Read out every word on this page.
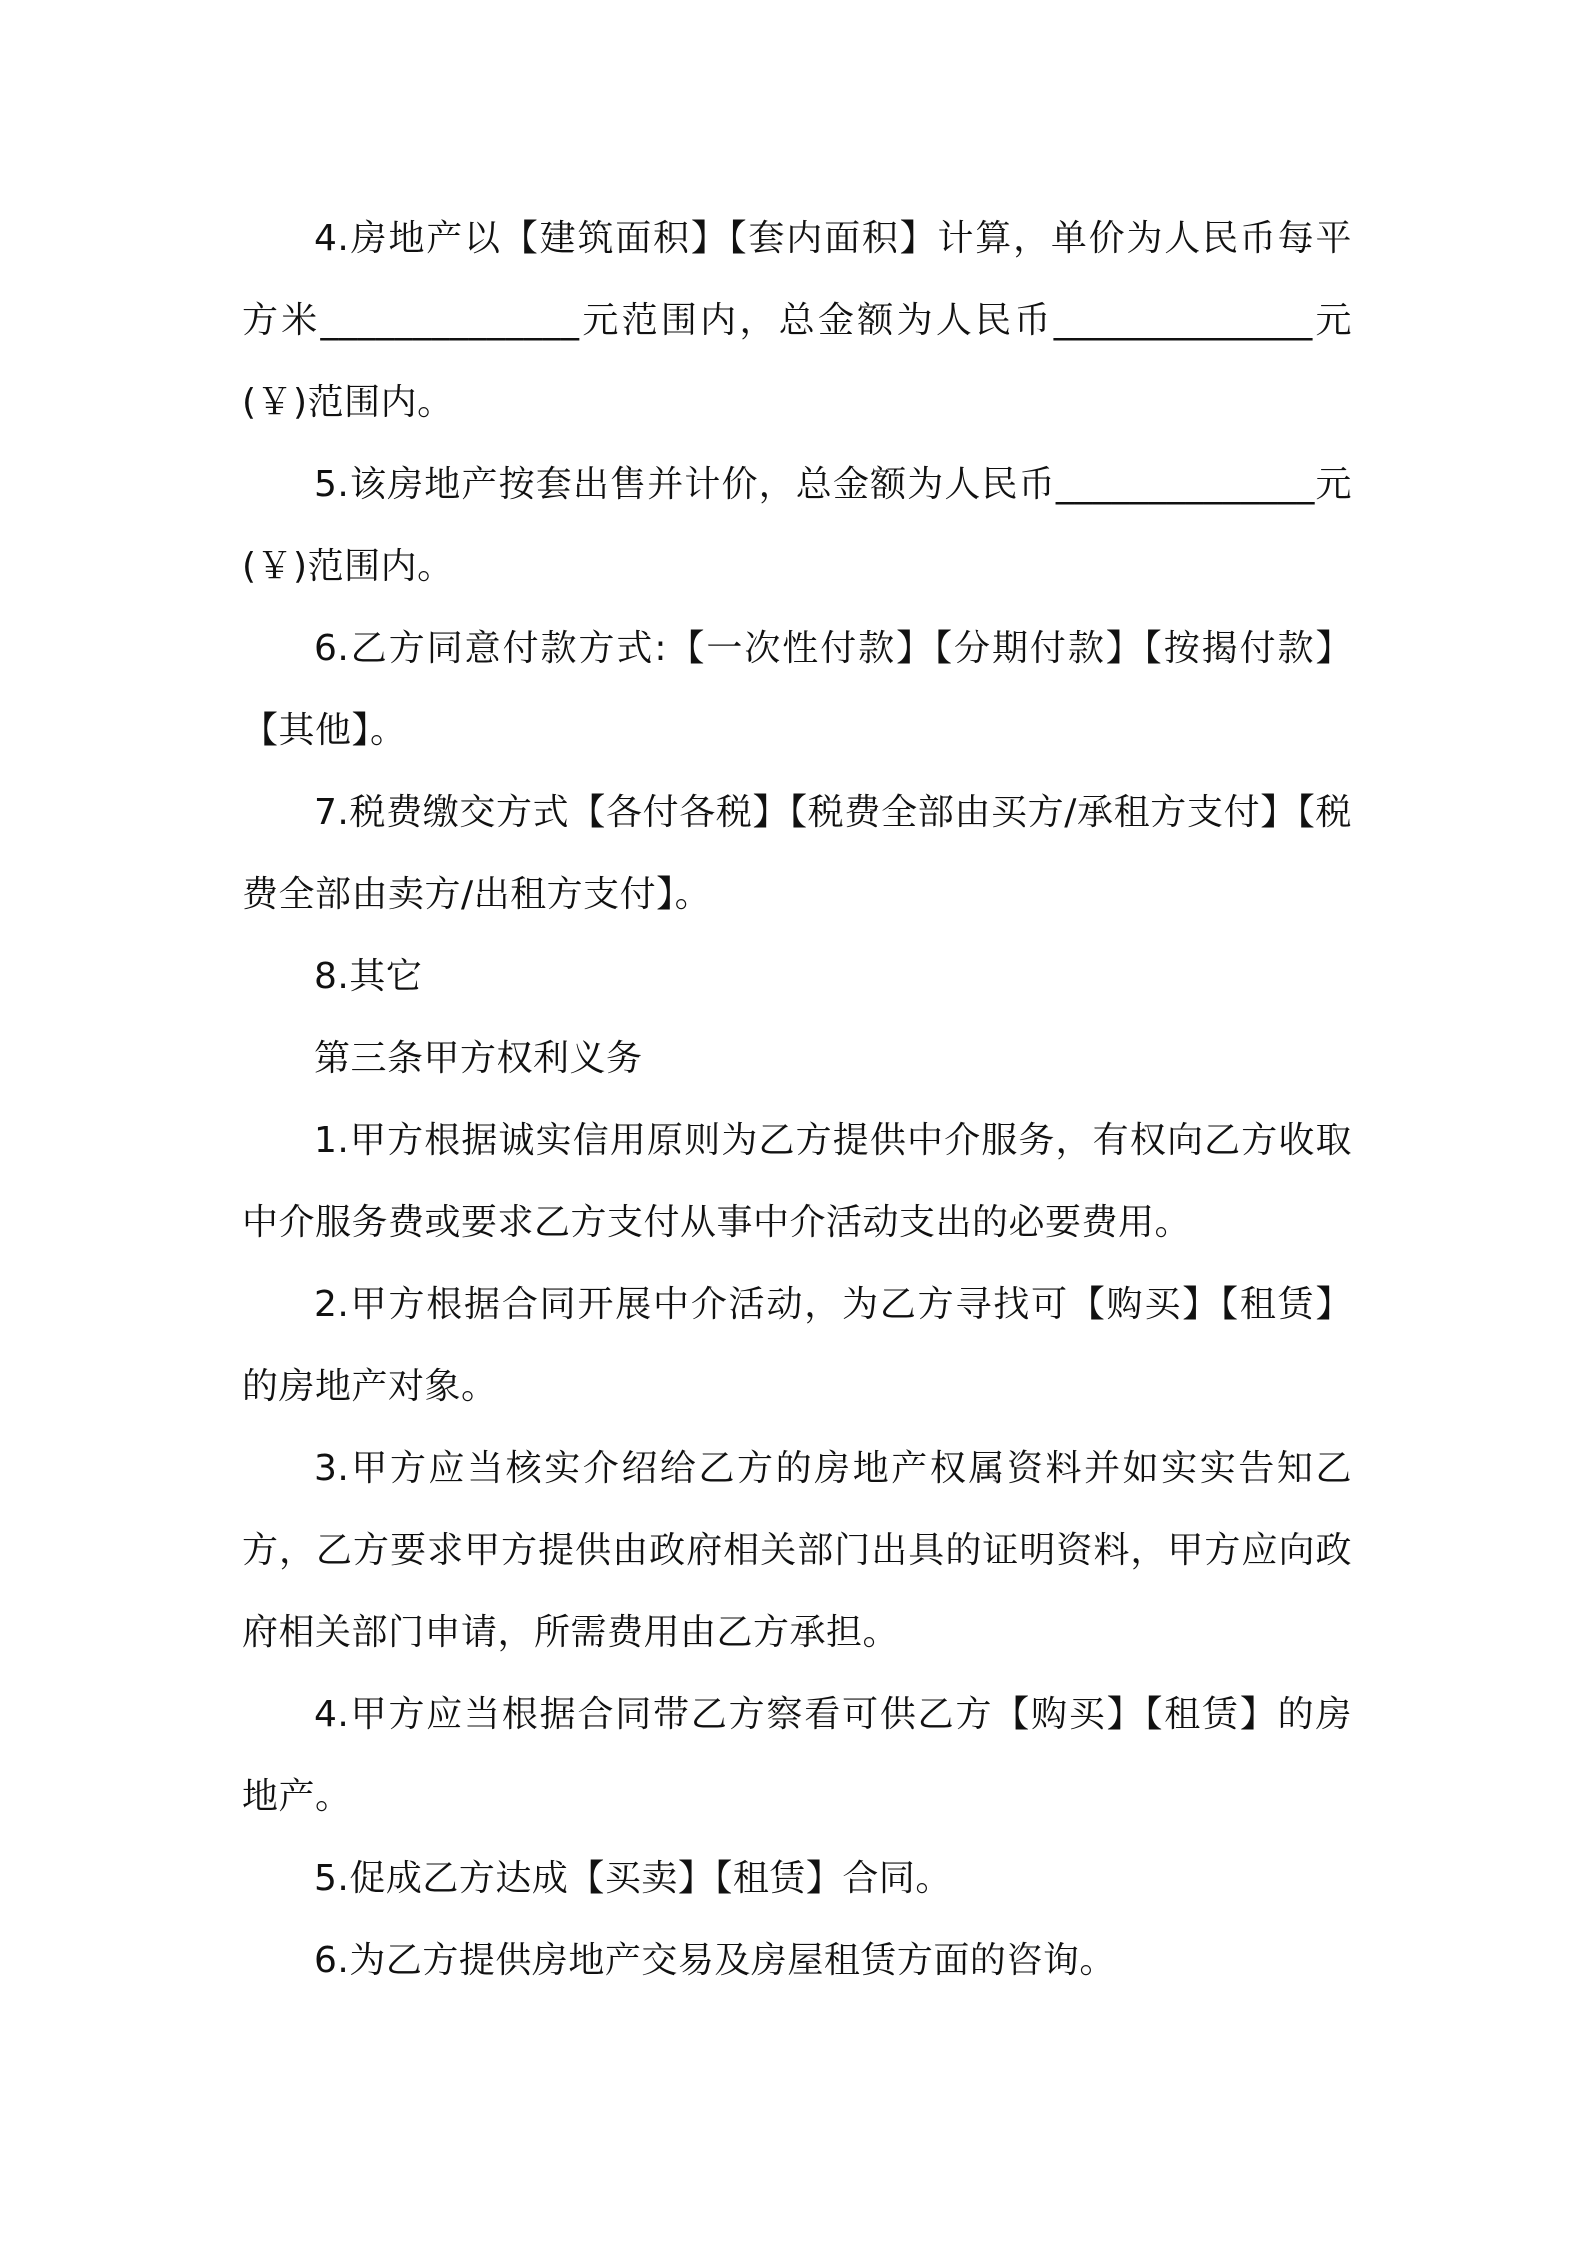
4.房地产以【建筑面积】【套内面积】计算，单价为人民币每平方米______________元范围内，总金额为人民币______________元(￥)范围内。

5.该房地产按套出售并计价，总金额为人民币______________元(￥)范围内。

6.乙方同意付款方式:【一次性付款】【分期付款】【按揭付款】【其他】。

7.税费缴交方式【各付各税】【税费全部由买方/承租方支付】【税费全部由卖方/出租方支付】。

8.其它

第三条甲方权利义务

1.甲方根据诚实信用原则为乙方提供中介服务，有权向乙方收取中介服务费或要求乙方支付从事中介活动支出的必要费用。

2.甲方根据合同开展中介活动，为乙方寻找可【购买】【租赁】的房地产对象。

3.甲方应当核实介绍给乙方的房地产权属资料并如实实告知乙方，乙方要求甲方提供由政府相关部门出具的证明资料，甲方应向政府相关部门申请，所需费用由乙方承担。

4.甲方应当根据合同带乙方察看可供乙方【购买】【租赁】的房地产。

5.促成乙方达成【买卖】【租赁】合同。

6.为乙方提供房地产交易及房屋租赁方面的咨询。
